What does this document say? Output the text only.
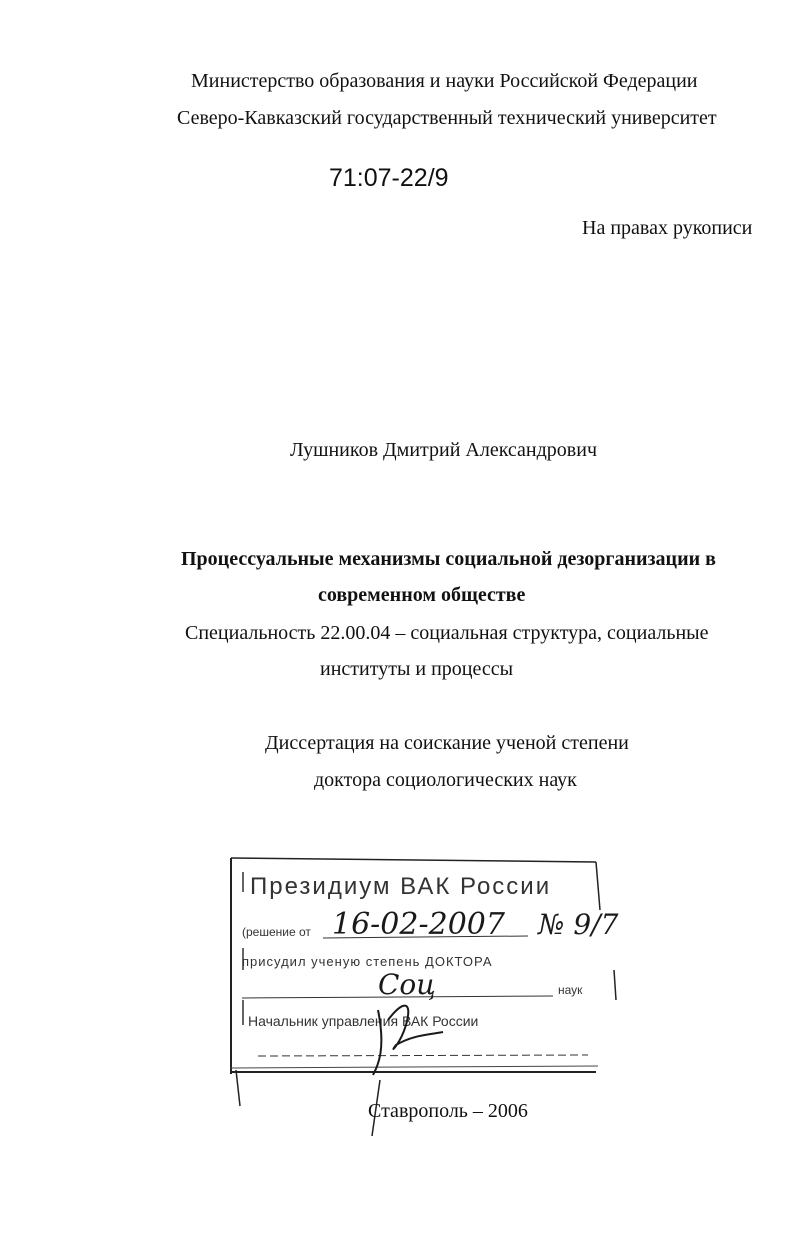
Министерство образования и науки Российской Федерации
Северо-Кавказский государственный технический университет
71:07-22/9
На правах рукописи
Лушников Дмитрий Александрович
Процессуальные механизмы социальной дезорганизации в
современном обществе
Специальность 22.00.04 – социальная структура, социальные
институты и процессы
Диссертация на соискание ученой степени
доктора социологических наук
Президиум ВАК России
(решение от
присудил ученую степень ДОКТОРА
наук
Начальник управления ВАК России
16-02-2007 № 9/7
Соц
Ставрополь – 2006
